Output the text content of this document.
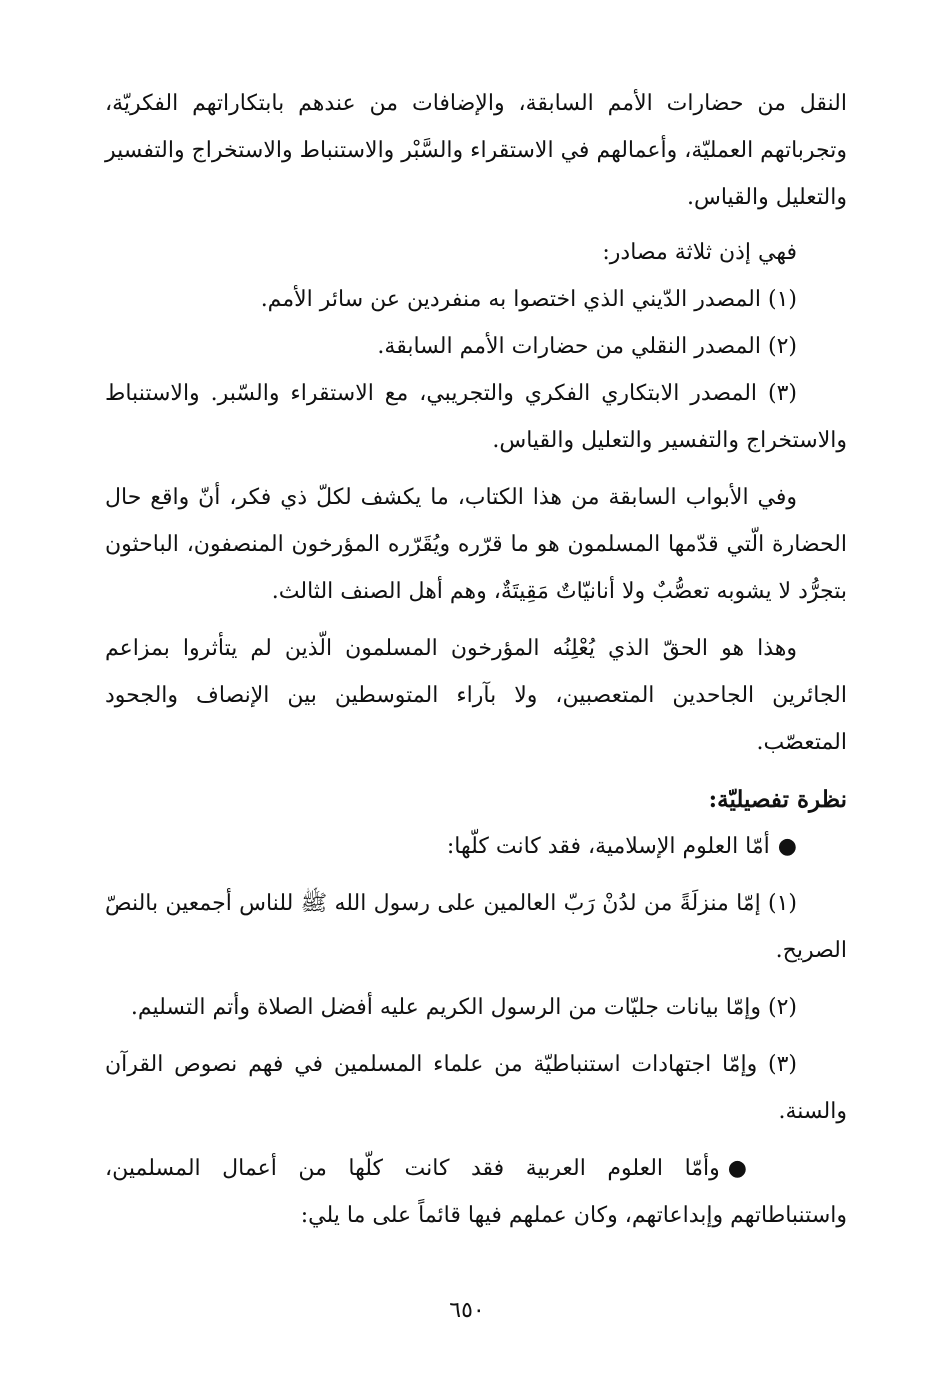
النقل من حضارات الأمم السابقة، والإضافات من عندهم بابتكاراتهم الفكريّة، وتجرباتهم العمليّة، وأعمالهم في الاستقراء والسَّبْر والاستنباط والاستخراج والتفسير والتعليل والقياس.

فهي إذن ثلاثة مصادر:

(١) المصدر الدّيني الذي اختصوا به منفردين عن سائر الأمم.

(٢) المصدر النقلي من حضارات الأمم السابقة.

(٣) المصدر الابتكاري الفكري والتجريبي، مع الاستقراء والسّبر. والاستنباط والاستخراج والتفسير والتعليل والقياس.

وفي الأبواب السابقة من هذا الكتاب، ما يكشف لكلّ ذي فكر، أنّ واقع حال الحضارة الّتي قدّمها المسلمون هو ما قرّره ويُقَرّره المؤرخون المنصفون، الباحثون بتجرُّد لا يشوبه تعصُّبٌ ولا أنانيّاتٌ مَقِيتَةٌ، وهم أهل الصنف الثالث.

وهذا هو الحقّ الذي يُعْلِنُه المؤرخون المسلمون الّذين لم يتأثروا بمزاعم الجائرين الجاحدين المتعصبين، ولا بآراء المتوسطين بين الإنصاف والجحود المتعصّب.

نظرة تفصيليّة:

●أمّا العلوم الإسلامية، فقد كانت كلّها:

(١) إمّا منزلَةً من لدُنْ رَبّ العالمين على رسول الله ﷺ للناس أجمعين بالنصّ الصريح.

(٢) وإمّا بيانات جليّات من الرسول الكريم عليه أفضل الصلاة وأتم التسليم.

(٣) وإمّا اجتهادات استنباطيّة من علماء المسلمين في فهم نصوص القرآن والسنة.

●وأمّا العلوم العربية فقد كانت كلّها من أعمال المسلمين، واستنباطاتهم وإبداعاتهم، وكان عملهم فيها قائماً على ما يلي:

٦٥٠
